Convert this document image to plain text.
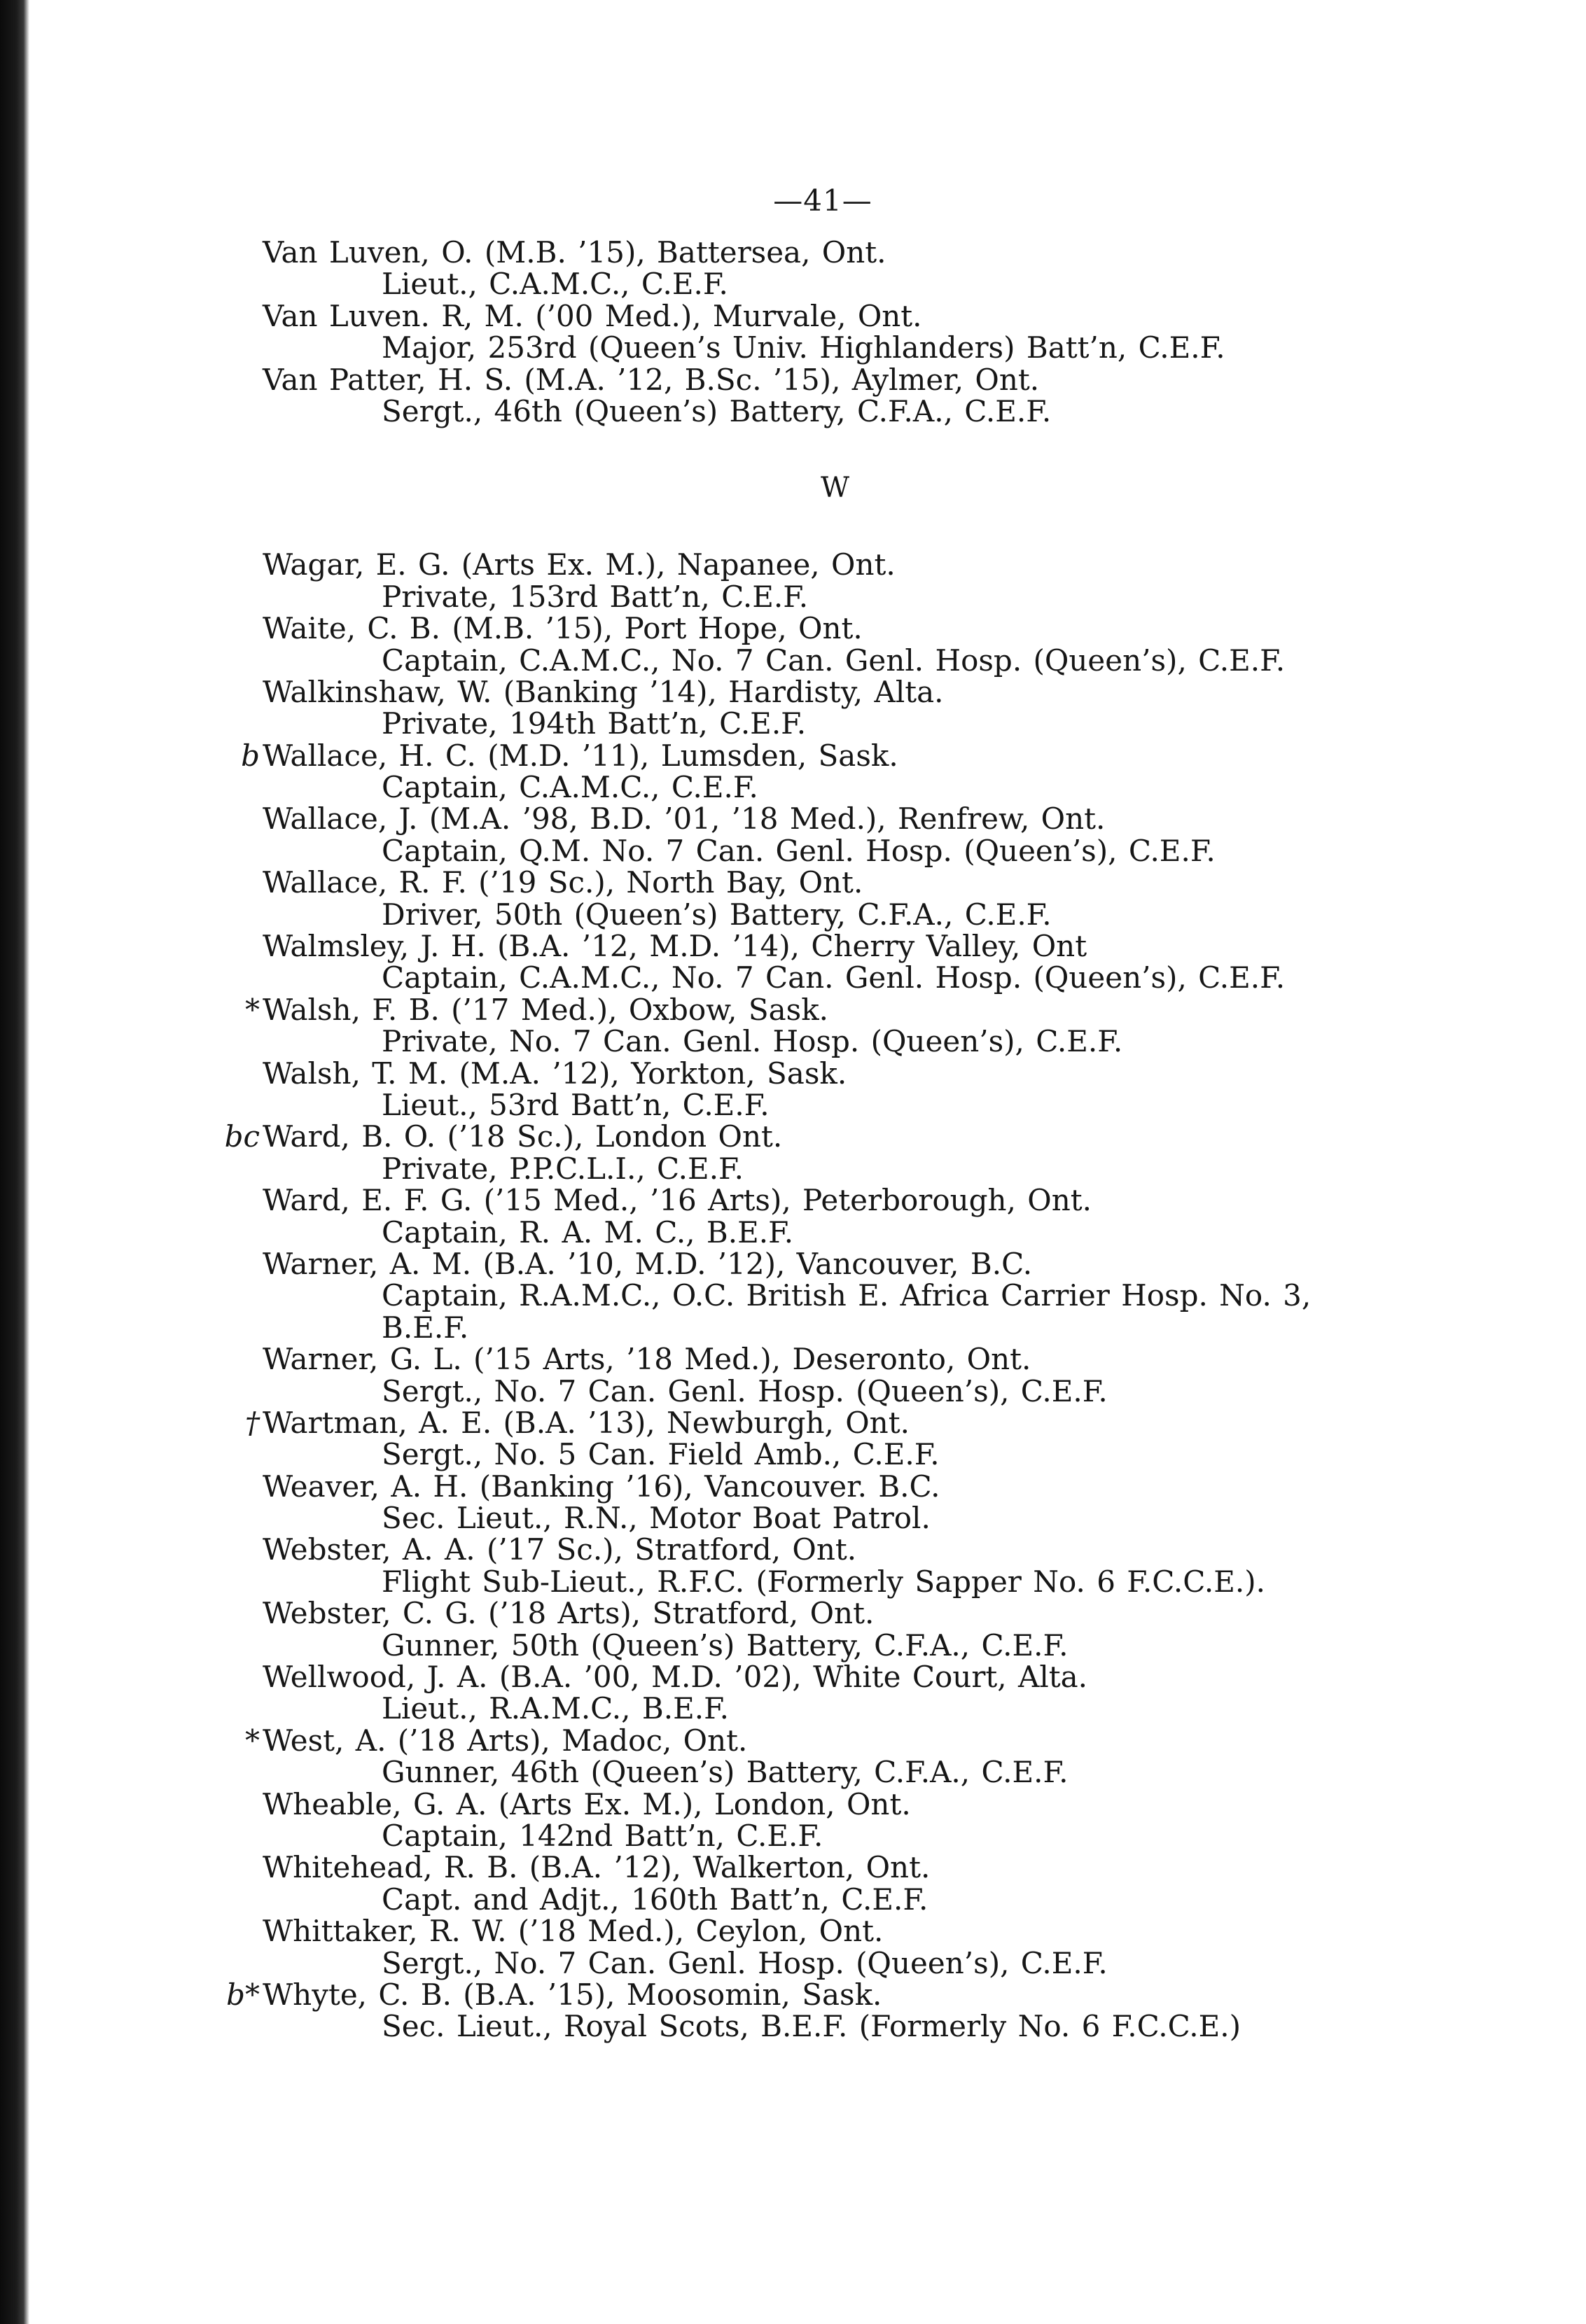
—41—
Van Luven, O. (M.B. ’15), Battersea, Ont.
Lieut., C.A.M.C., C.E.F.
Van Luven. R, M. (’00 Med.), Murvale, Ont.
Major, 253rd (Queen’s Univ. Highlanders) Batt’n, C.E.F.
Van Patter, H. S. (M.A. ’12, B.Sc. ’15), Aylmer, Ont.
Sergt., 46th (Queen’s) Battery, C.F.A., C.E.F.
W
Wagar, E. G. (Arts Ex. M.), Napanee, Ont.
Private, 153rd Batt’n, C.E.F.
Waite, C. B. (M.B. ’15), Port Hope, Ont.
Captain, C.A.M.C., No. 7 Can. Genl. Hosp. (Queen’s), C.E.F.
Walkinshaw, W. (Banking ’14), Hardisty, Alta.
Private, 194th Batt’n, C.E.F.
b Wallace, H. C. (M.D. ’11), Lumsden, Sask.
Captain, C.A.M.C., C.E.F.
Wallace, J. (M.A. ’98, B.D. ’01, ’18 Med.), Renfrew, Ont.
Captain, Q.M. No. 7 Can. Genl. Hosp. (Queen’s), C.E.F.
Wallace, R. F. (’19 Sc.), North Bay, Ont.
Driver, 50th (Queen’s) Battery, C.F.A., C.E.F.
Walmsley, J. H. (B.A. ’12, M.D. ’14), Cherry Valley, Ont
Captain, C.A.M.C., No. 7 Can. Genl. Hosp. (Queen’s), C.E.F.
* Walsh, F. B. (’17 Med.), Oxbow, Sask.
Private, No. 7 Can. Genl. Hosp. (Queen’s), C.E.F.
Walsh, T. M. (M.A. ’12), Yorkton, Sask.
Lieut., 53rd Batt’n, C.E.F.
bc Ward, B. O. (’18 Sc.), London Ont.
Private, P.P.C.L.I., C.E.F.
Ward, E. F. G. (’15 Med., ’16 Arts), Peterborough, Ont.
Captain, R. A. M. C., B.E.F.
Warner, A. M. (B.A. ’10, M.D. ’12), Vancouver, B.C.
Captain, R.A.M.C., O.C. British E. Africa Carrier Hosp. No. 3,
B.E.F.
Warner, G. L. (’15 Arts, ’18 Med.), Deseronto, Ont.
Sergt., No. 7 Can. Genl. Hosp. (Queen’s), C.E.F.
† Wartman, A. E. (B.A. ’13), Newburgh, Ont.
Sergt., No. 5 Can. Field Amb., C.E.F.
Weaver, A. H. (Banking ’16), Vancouver. B.C.
Sec. Lieut., R.N., Motor Boat Patrol.
Webster, A. A. (’17 Sc.), Stratford, Ont.
Flight Sub-Lieut., R.F.C. (Formerly Sapper No. 6 F.C.C.E.).
Webster, C. G. (’18 Arts), Stratford, Ont.
Gunner, 50th (Queen’s) Battery, C.F.A., C.E.F.
Wellwood, J. A. (B.A. ’00, M.D. ’02), White Court, Alta.
Lieut., R.A.M.C., B.E.F.
* West, A. (’18 Arts), Madoc, Ont.
Gunner, 46th (Queen’s) Battery, C.F.A., C.E.F.
Wheable, G. A. (Arts Ex. M.), London, Ont.
Captain, 142nd Batt’n, C.E.F.
Whitehead, R. B. (B.A. ’12), Walkerton, Ont.
Capt. and Adjt., 160th Batt’n, C.E.F.
Whittaker, R. W. (’18 Med.), Ceylon, Ont.
Sergt., No. 7 Can. Genl. Hosp. (Queen’s), C.E.F.
b* Whyte, C. B. (B.A. ’15), Moosomin, Sask.
Sec. Lieut., Royal Scots, B.E.F. (Formerly No. 6 F.C.C.E.)
